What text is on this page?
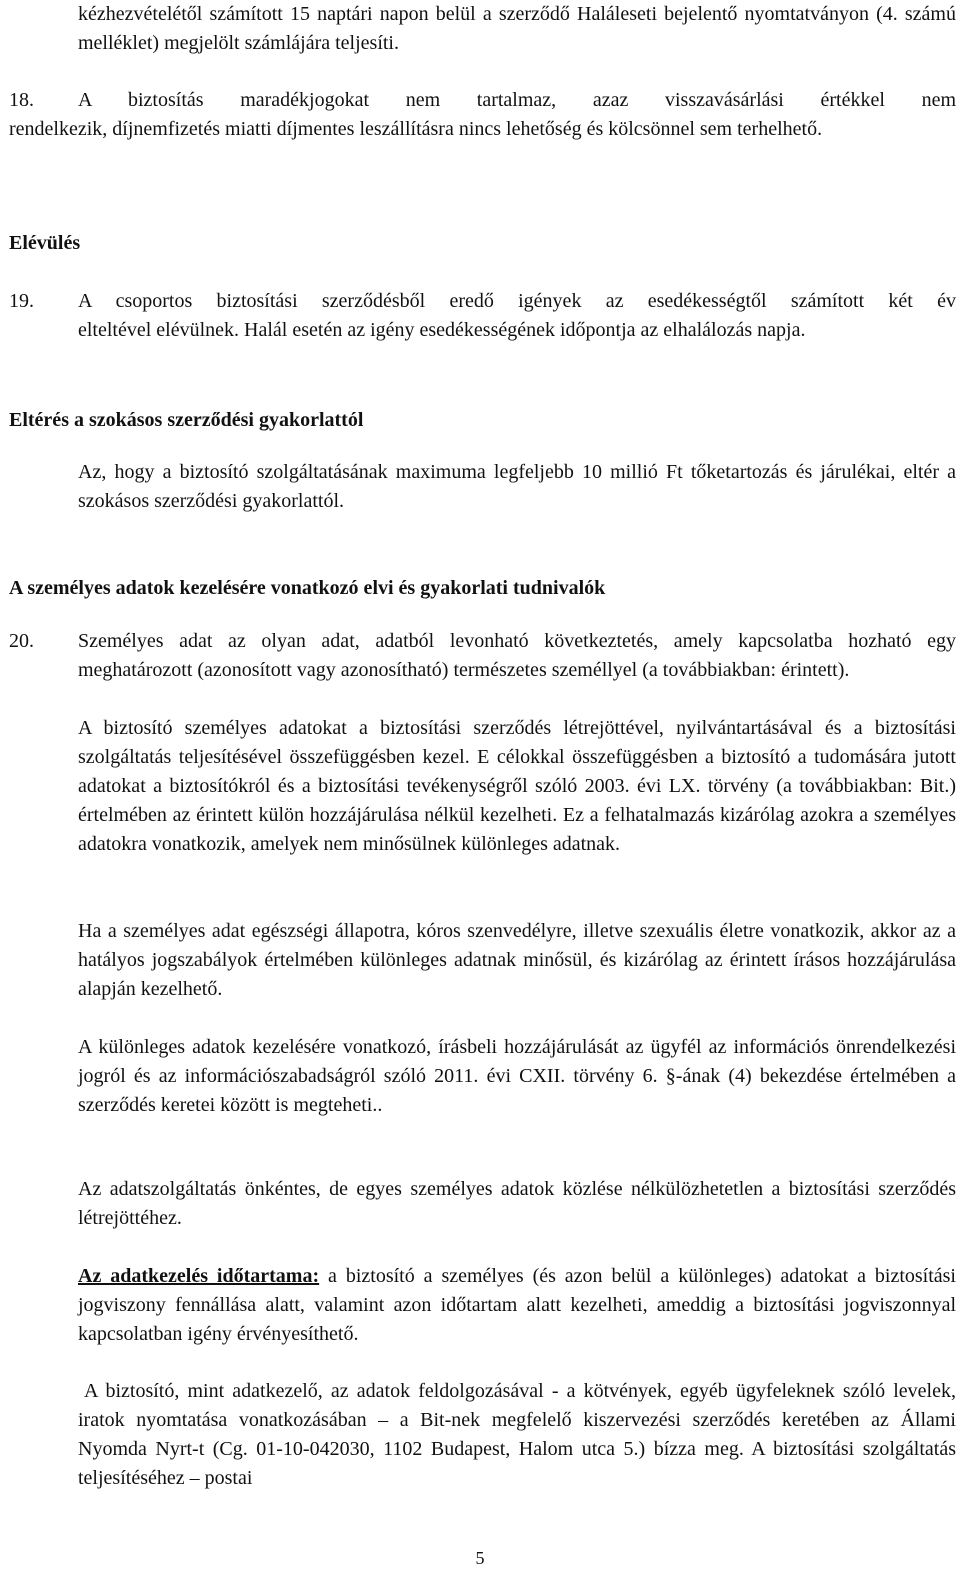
kézhezvételétől számított 15 naptári napon belül a szerződő Haláleseti bejelentő nyomtatványon (4. számú melléklet) megjelölt számlájára teljesíti.

18. A biztosítás maradékjogokat nem tartalmaz, azaz visszavásárlási értékkel nem

rendelkezik, díjnemfizetés miatti díjmentes leszállításra nincs lehetőség és kölcsönnel sem terhelhető.

Elévülés

19. A csoportos biztosítási szerződésből eredő igények az esedékességtől számított két év

elteltével elévülnek. Halál esetén az igény esedékességének időpontja az elhalálozás napja.

Eltérés a szokásos szerződési gyakorlattól

Az, hogy a biztosító szolgáltatásának maximuma legfeljebb 10 millió Ft tőketartozás és járulékai, eltér a szokásos szerződési gyakorlattól.

A személyes adatok kezelésére vonatkozó elvi és gyakorlati tudnivalók

20. Személyes adat az olyan adat, adatból levonható következtetés, amely kapcsolatba hozható egy meghatározott (azonosított vagy azonosítható) természetes személlyel (a továbbiakban: érintett).

A biztosító személyes adatokat a biztosítási szerződés létrejöttével, nyilvántartásával és a biztosítási szolgáltatás teljesítésével összefüggésben kezel. E célokkal összefüggésben a biztosító a tudomására jutott adatokat a biztosítókról és a biztosítási tevékenységről szóló 2003. évi LX. törvény (a továbbiakban: Bit.) értelmében az érintett külön hozzájárulása nélkül kezelheti. Ez a felhatalmazás kizárólag azokra a személyes adatokra vonatkozik, amelyek nem minősülnek különleges adatnak.

Ha a személyes adat egészségi állapotra, kóros szenvedélyre, illetve szexuális életre vonatkozik, akkor az a hatályos jogszabályok értelmében különleges adatnak minősül, és kizárólag az érintett írásos hozzájárulása alapján kezelhető.

A különleges adatok kezelésére vonatkozó, írásbeli hozzájárulását az ügyfél az információs önrendelkezési jogról és az információszabadságról szóló 2011. évi CXII. törvény 6. §-ának (4) bekezdése értelmében a szerződés keretei között is megteheti..

Az adatszolgáltatás önkéntes, de egyes személyes adatok közlése nélkülözhetetlen a biztosítási szerződés létrejöttéhez.

Az adatkezelés időtartama: a biztosító a személyes (és azon belül a különleges) adatokat a biztosítási jogviszony fennállása alatt, valamint azon időtartam alatt kezelheti, ameddig a biztosítási jogviszonnyal kapcsolatban igény érvényesíthető.

A biztosító, mint adatkezelő, az adatok feldolgozásával - a kötvények, egyéb ügyfeleknek szóló levelek, iratok nyomtatása vonatkozásában – a Bit-nek megfelelő kiszervezési szerződés keretében az Állami Nyomda Nyrt-t (Cg. 01-10-042030, 1102 Budapest, Halom utca 5.) bízza meg. A biztosítási szolgáltatás teljesítéséhez – postai

5
